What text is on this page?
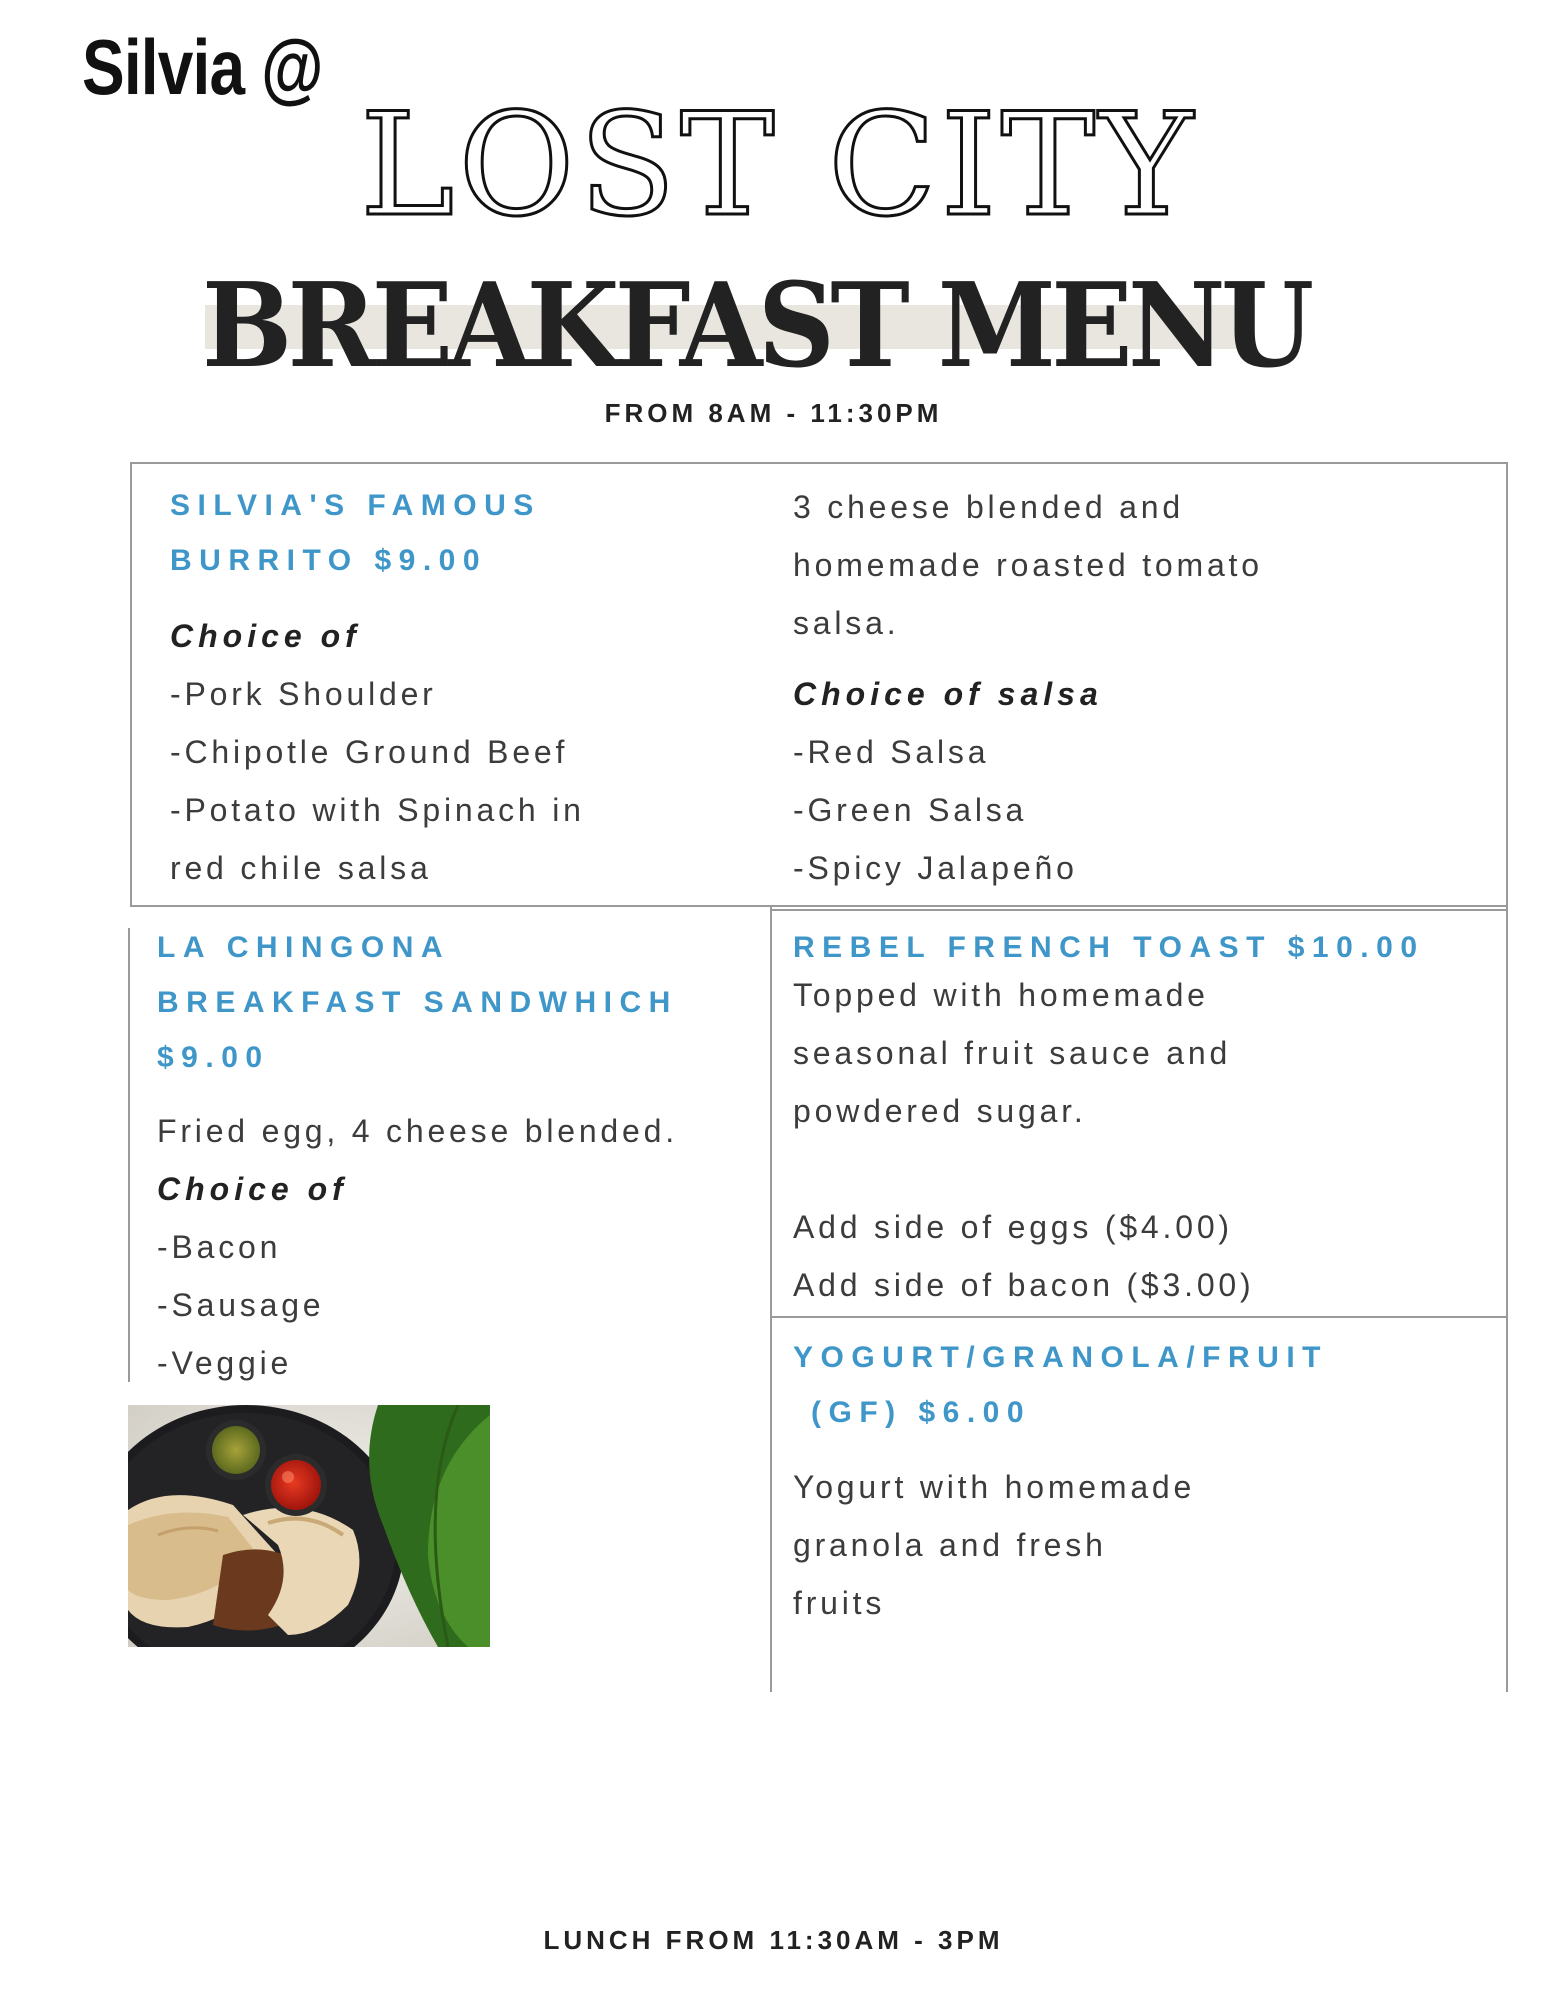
Silvia @
LOST CITY
BREAKFAST MENU
FROM 8AM - 11:30PM
SILVIA'S FAMOUS
BURRITO $9.00
Choice of
-Pork Shoulder
-Chipotle Ground Beef
-Potato with Spinach in
red chile salsa
3 cheese blended and
homemade roasted tomato
salsa.
Choice of salsa
-Red Salsa
-Green Salsa
-Spicy Jalapeño
LA CHINGONA
BREAKFAST SANDWHICH
$9.00
Fried egg, 4 cheese blended.
Choice of
-Bacon
-Sausage
-Veggie
REBEL FRENCH TOAST $10.00
Topped with homemade
seasonal fruit sauce and
powdered sugar.
Add side of eggs ($4.00)
Add side of bacon ($3.00)
YOGURT/GRANOLA/FRUIT
(GF) $6.00
Yogurt with homemade
granola and fresh
fruits
LUNCH FROM 11:30AM - 3PM
